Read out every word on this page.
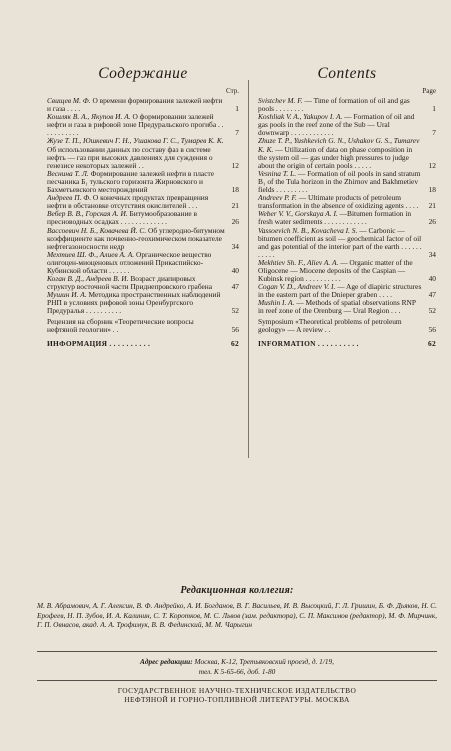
Содержание
Стр.
Свищев М. Ф. О времени формирования залежей нефти и газа . . . .	1
Кошляк В. А., Якупов И. А. О формировании залежей нефти и газа в рифовой зоне Предуральского прогиба . . . . . . . . . . .	7
Жузе Т. П., Юшкевич Г. Н., Ушакова Г. С., Тумарев К. К. Об использовании данных по составу фаз в системе нефть — газ при высоких давлениях для суждения о генезисе некоторых залежей . .	12
Веснина Т. Л. Формирование залежей нефти в пласте песчаника Б₁ тульского горизонта Жирновского и Бахметьевского месторождений	18
Андреев П. Ф. О конечных продуктах превращения нефти в обстановке отсутствия окислителей . . .	21
Вебер В. В., Горская А. И. Битумообразование в пресноводных осадках . . . . . . . . . . . . .	26
Вассоевич Н. Б., Ковачева Й. С. Об углеродно-битумном коэффициенте как почвенно-геохимическом показателе нефтегазоносности недр	34
Мехтиев Ш. Ф., Алиев А. А. Органическое вещество олигоцен-миоценовых отложений Прикаспийско-Кубинской области . . . . . .	40
Коган В. Д., Андреев В. И. Возраст диапировых структур восточной части Приднепровского грабена	47
Мушин И. А. Методика пространственных наблюдений РНП в условиях рифовой зоны Оренбургского Предуралья . . . . . . . . . .	52
Рецензия на сборник «Теоретические вопросы нефтяной геологии» . .	56
ИНФОРМАЦИЯ . . . . . . . . . .	62
Contents
Page
Svistchev M. F. — Time of formation of oil and gas pools . . . . . . . .	1
Koshliak V. A., Yakupov I. A. — Formation of oil and gas pools in the reef zone of the Sub — Ural downwarp . . . . . . . . . . . .	7
Zhuze T. P., Yushkevich G. N., Ushakov G. S., Tumarev K. K. — Utilization of data on phase composition in the system oil — gas under high pressures to judge about the origin of certain pools . . . . .	12
Vesnina T. L. — Formation of oil pools in sand stratum B₁ of the Tula horizon in the Zhirnov and Bakhmetiev fields . . . . . . . . .	18
Andreev P. F. — Ultimate products of petroleum transformation in the absence of oxidizing agents . . . .	21
Weber V. V., Gorskaya A. I. —Bitumen formation in fresh water sediments . . . . . . . . . . . .	26
Vassoevich N. B., Kovacheva I. S. — Carbonic — bitumen coefficient as soil — geochemical factor of oil and gas potential of the interior part of the earth . . . . . . . . . . .	34
Mekhtiev Sh. F., Aliev A. A. — Organic matter of the Oligocene — Miocene deposits of the Caspian — Kubinsk region . . . . . . . . . .	40
Cogan V. D., Andreev V. I. — Age of diapiric structures in the eastern part of the Dnieper graben . . . .	47
Mushin I. A. — Methods of spatial observations RNP in reef zone of the Orenburg — Ural Region . . .	52
Symposium «Theoretical problems of petroleum geology» — A review . .	56
INFORMATION . . . . . . . . . .	62
Редакционная коллегия:
М. В. Абрамович, А. Г. Алексин, В. Ф. Андрейко, А. И. Богданов, В. Г. Васильев, И. В. Высоцкий, Г. Л. Гришин, Б. Ф. Дьяков, Н. С. Ерофеев, Н. П. Зубов, И. А. Калинин, С. Т. Коротков, М. С. Львов (зам. редактора), С. П. Максимов (редактор), М. Ф. Мирчинк, Г. П. Овнасов, акад. А. А. Трофимук, В. В. Фединский, М. М. Чарыгин
Адрес редакции: Москва, К-12, Третьяковский проезд, д. 1/19,
тел. К 5-65-66, доб. 1-80
ГОСУДАРСТВЕННОЕ НАУЧНО-ТЕХНИЧЕСКОЕ ИЗДАТЕЛЬСТВО
НЕФТЯНОЙ И ГОРНО-ТОПЛИВНОЙ ЛИТЕРАТУРЫ. МОСКВА
